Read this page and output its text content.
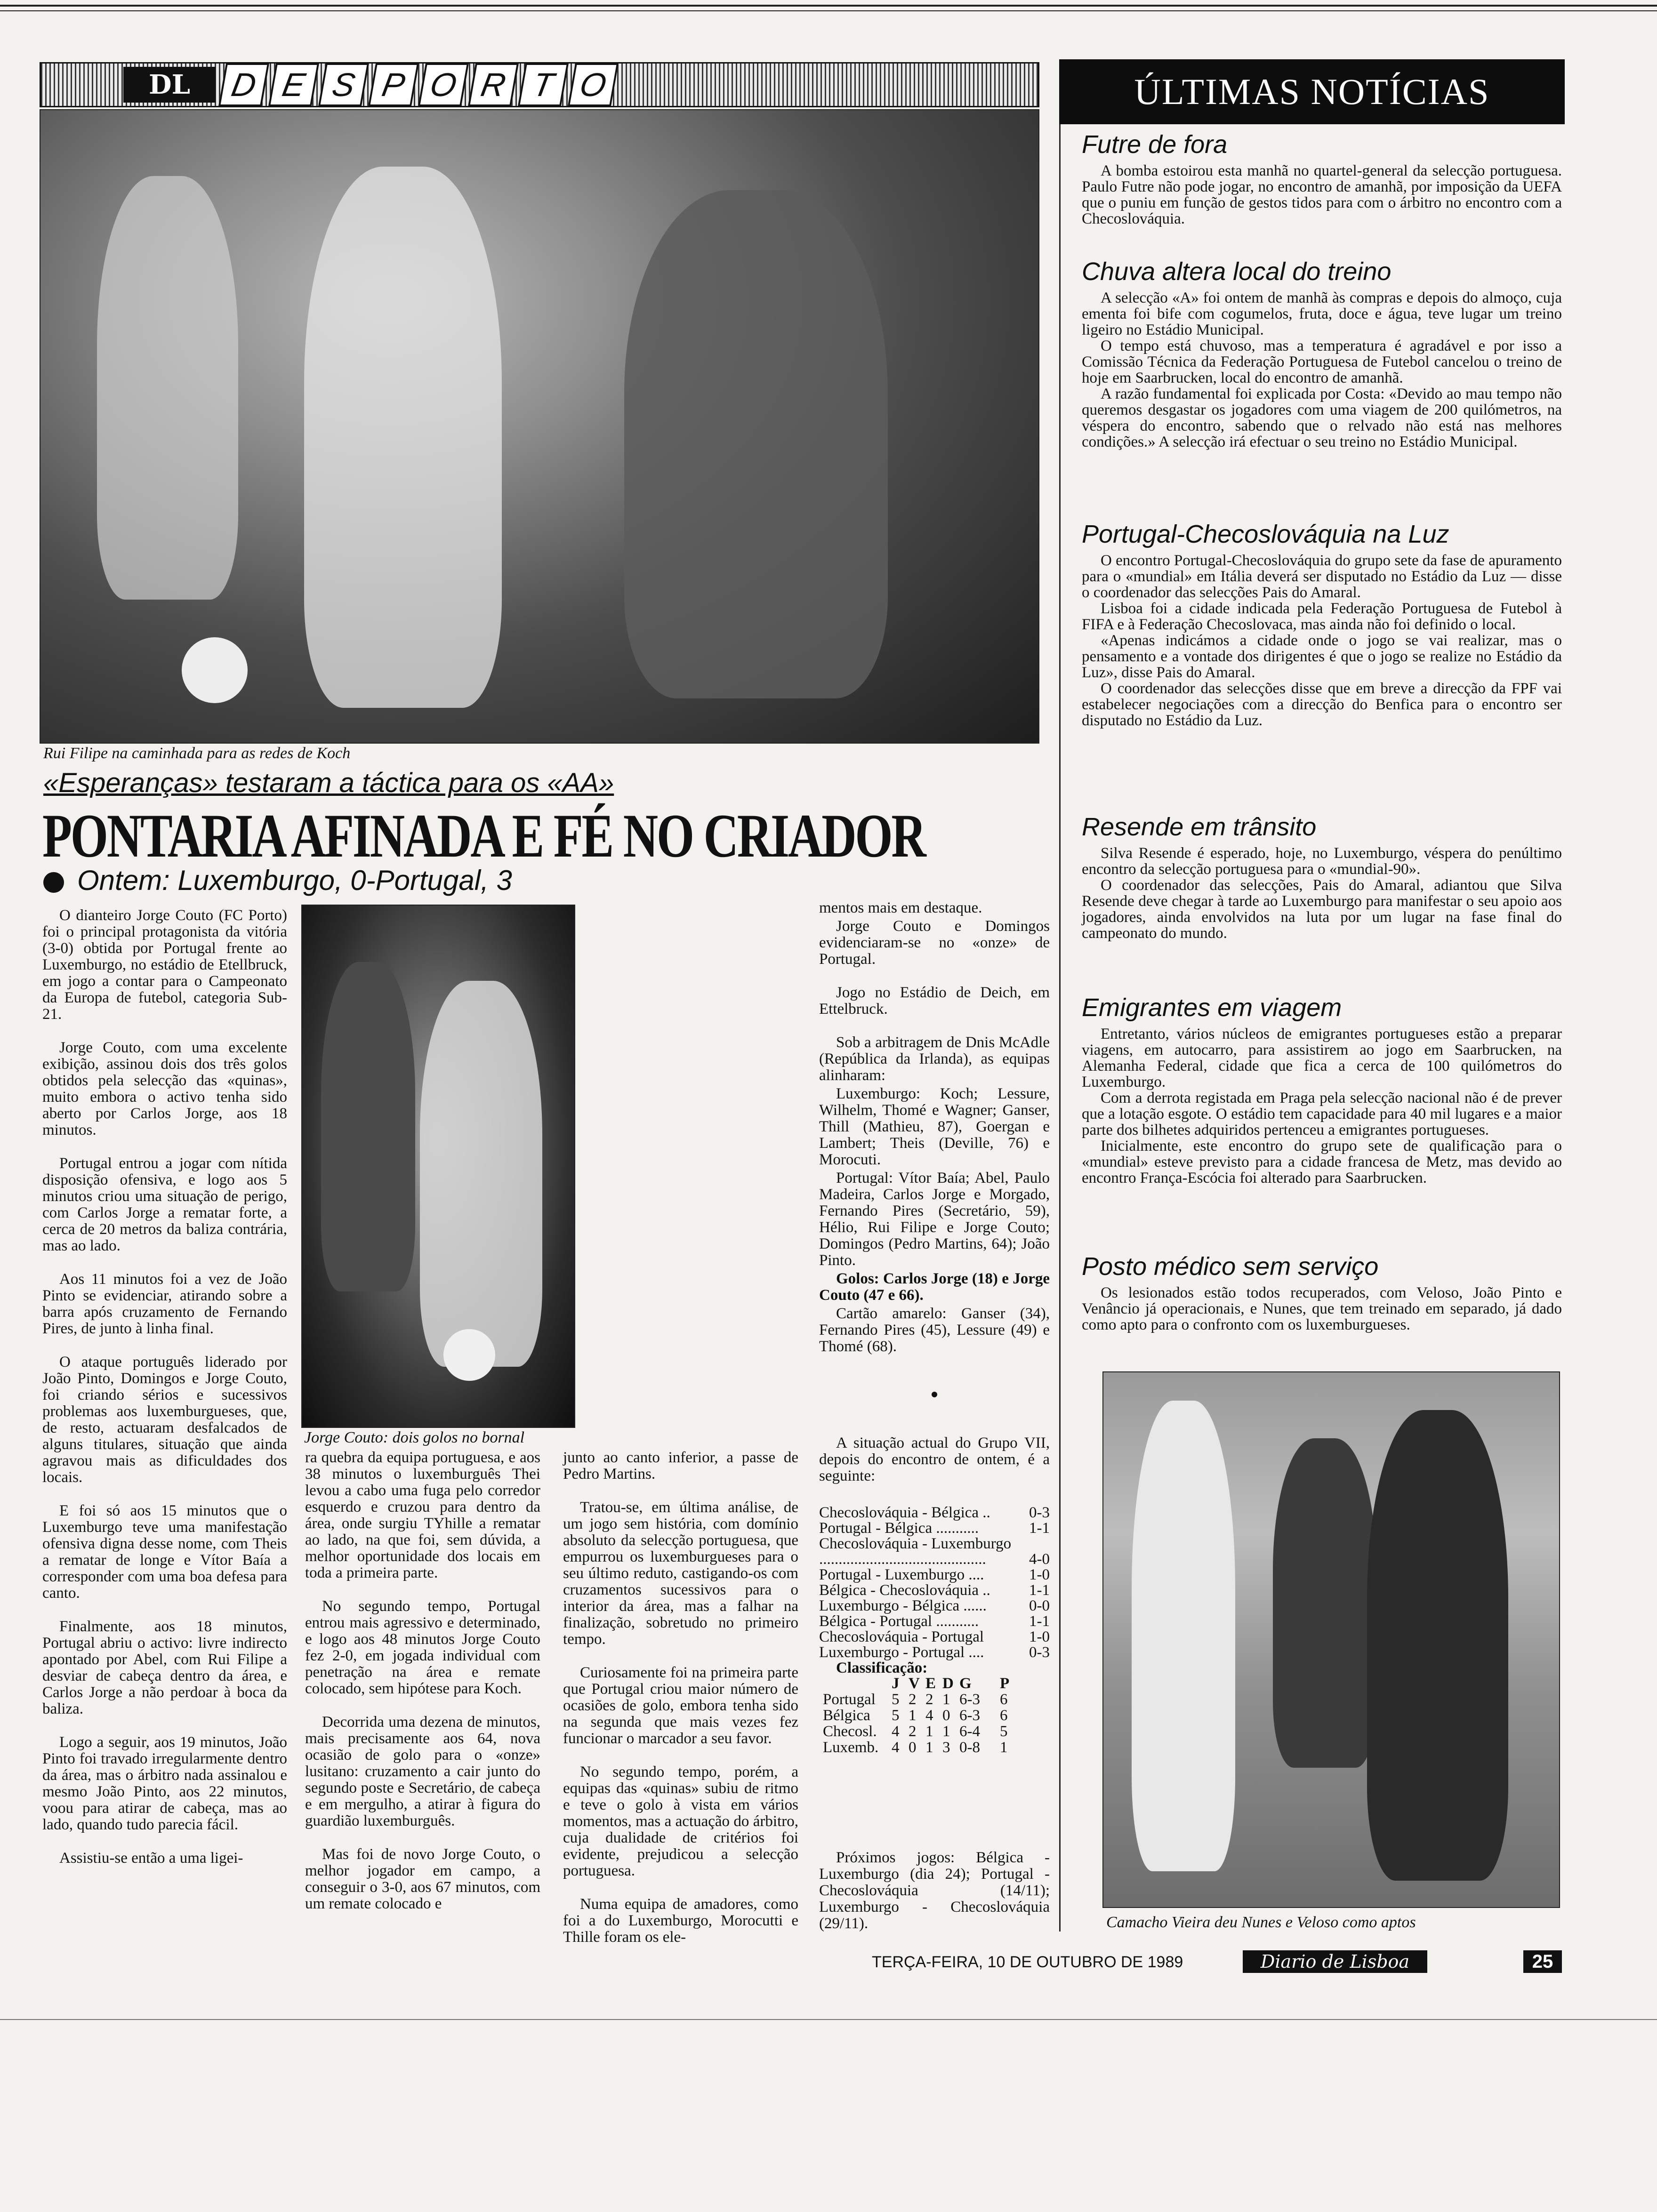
DL	D E S P O R T O	ÚLTIMAS NOTÍCIAS
Rui Filipe na caminhada para as redes de Koch
«Esperanças» testaram a táctica para os «AA»
PONTARIA AFINADA E FÉ NO CRIADOR
Ontem: Luxemburgo, 0-Portugal, 3
Jorge Couto: dois golos no bornal

O dianteiro Jorge Couto (FC Porto) foi o principal protagonista da vitória (3-0) obtida por Portugal frente ao Luxemburgo, no estádio de Etellbruck, em jogo a contar para o Campeonato da Europa de futebol, categoria Sub-21.

Jorge Couto, com uma excelente exibição, assinou dois dos três golos obtidos pela selecção das «quinas», muito embora o activo tenha sido aberto por Carlos Jorge, aos 18 minutos.

Portugal entrou a jogar com nítida disposição ofensiva, e logo aos 5 minutos criou uma situação de perigo, com Carlos Jorge a rematar forte, a cerca de 20 metros da baliza contrária, mas ao lado.

Aos 11 minutos foi a vez de João Pinto se evidenciar, atirando sobre a barra após cruzamento de Fernando Pires, de junto à linha final.

O ataque português liderado por João Pinto, Domingos e Jorge Couto, foi criando sérios e sucessivos problemas aos luxemburgueses, que, de resto, actuaram desfalcados de alguns titulares, situação que ainda agravou mais as dificuldades dos locais.

E foi só aos 15 minutos que o Luxemburgo teve uma manifestação ofensiva digna desse nome, com Theis a rematar de longe e Vítor Baía a corresponder com uma boa defesa para canto.

Finalmente, aos 18 minutos, Portugal abriu o activo: livre indirecto apontado por Abel, com Rui Filipe a desviar de cabeça dentro da área, e Carlos Jorge a não perdoar à boca da baliza.

Logo a seguir, aos 19 minutos, João Pinto foi travado irregularmente dentro da área, mas o árbitro nada assinalou e mesmo João Pinto, aos 22 minutos, voou para atirar de cabeça, mas ao lado, quando tudo parecia fácil.

Assistiu-se então a uma ligei-

ra quebra da equipa portuguesa, e aos 38 minutos o luxemburguês Thei levou a cabo uma fuga pelo corredor esquerdo e cruzou para dentro da área, onde surgiu TYhille a rematar ao lado, na que foi, sem dúvida, a melhor oportunidade dos locais em toda a primeira parte.

No segundo tempo, Portugal entrou mais agressivo e determinado, e logo aos 48 minutos Jorge Couto fez 2-0, em jogada individual com penetração na área e remate colocado, sem hipótese para Koch.

Decorrida uma dezena de minutos, mais precisamente aos 64, nova ocasião de golo para o «onze» lusitano: cruzamento a cair junto do segundo poste e Secretário, de cabeça e em mergulho, a atirar à figura do guardião luxemburguês.

Mas foi de novo Jorge Couto, o melhor jogador em campo, a conseguir o 3-0, aos 67 minutos, com um remate colocado e

junto ao canto inferior, a passe de Pedro Martins.

Tratou-se, em última análise, de um jogo sem história, com domínio absoluto da selecção portuguesa, que empurrou os luxemburgueses para o seu último reduto, castigando-os com cruzamentos sucessivos para o interior da área, mas a falhar na finalização, sobretudo no primeiro tempo.

Curiosamente foi na primeira parte que Portugal criou maior número de ocasiões de golo, embora tenha sido na segunda que mais vezes fez funcionar o marcador a seu favor.

No segundo tempo, porém, a equipas das «quinas» subiu de ritmo e teve o golo à vista em vários momentos, mas a actuação do árbitro, cuja dualidade de critérios foi evidente, prejudicou a selecção portuguesa.

Numa equipa de amadores, como foi a do Luxemburgo, Morocutti e Thille foram os ele-

mentos mais em destaque.

Jorge Couto e Domingos evidenciaram-se no «onze» de Portugal.

Jogo no Estádio de Deich, em Ettelbruck.

Sob a arbitragem de Dnis McAdle (República da Irlanda), as equipas alinharam:

Luxemburgo: Koch; Lessure, Wilhelm, Thomé e Wagner; Ganser, Thill (Mathieu, 87), Goergan e Lambert; Theis (Deville, 76) e Morocuti.

Portugal: Vítor Baía; Abel, Paulo Madeira, Carlos Jorge e Morgado, Fernando Pires (Secretário, 59), Hélio, Rui Filipe e Jorge Couto; Domingos (Pedro Martins, 64); João Pinto.

Golos: Carlos Jorge (18) e Jorge Couto (47 e 66).

Cartão amarelo: Ganser (34), Fernando Pires (45), Lessure (49) e Thomé (68).

A situação actual do Grupo VII, depois do encontro de ontem, é a seguinte:

Checoslováquia - Bélgica .. 0-3
Portugal - Bélgica ...........	1-1
Checoslováquia - Luxemburgo
...........................................	4-0
Portugal - Luxemburgo ....	1-0
Bélgica - Checoslováquia .. 1-1
Luxemburgo - Bélgica ......	0-0
Bélgica - Portugal ...........	1-1
Checoslováquia - Portugal	1-0
Luxemburgo - Portugal ....	0-3
Classificação:
	J	V	E	D	G	P
Portugal	5	2	2	1	6-3	6
Bélgica	5	1	4	0	6-3	6
Checosl.	4	2	1	1	6-4	5
Luxemb.	4	0	1	3	0-8	1

Próximos jogos: Bélgica - Luxemburgo (dia 24); Portugal - Checoslováquia (14/11); Luxemburgo - Checoslováquia (29/11).

Futre de fora

A bomba estoirou esta manhã no quartel-general da selecção portuguesa. Paulo Futre não pode jogar, no encontro de amanhã, por imposição da UEFA que o puniu em função de gestos tidos para com o árbitro no encontro com a Checoslováquia.

Chuva altera local do treino

A selecção «A» foi ontem de manhã às compras e depois do almoço, cuja ementa foi bife com cogumelos, fruta, doce e água, teve lugar um treino ligeiro no Estádio Municipal.

O tempo está chuvoso, mas a temperatura é agradável e por isso a Comissão Técnica da Federação Portuguesa de Futebol cancelou o treino de hoje em Saarbrucken, local do encontro de amanhã.

A razão fundamental foi explicada por Costa: «Devido ao mau tempo não queremos desgastar os jogadores com uma viagem de 200 quilómetros, na véspera do encontro, sabendo que o relvado não está nas melhores condições.» A selecção irá efectuar o seu treino no Estádio Municipal.

Portugal-Checoslováquia na Luz

O encontro Portugal-Checoslováquia do grupo sete da fase de apuramento para o «mundial» em Itália deverá ser disputado no Estádio da Luz — disse o coordenador das selecções Pais do Amaral.

Lisboa foi a cidade indicada pela Federação Portuguesa de Futebol à FIFA e à Federação Checoslovaca, mas ainda não foi definido o local.

«Apenas indicámos a cidade onde o jogo se vai realizar, mas o pensamento e a vontade dos dirigentes é que o jogo se realize no Estádio da Luz», disse Pais do Amaral.

O coordenador das selecções disse que em breve a direcção da FPF vai estabelecer negociações com a direcção do Benfica para o encontro ser disputado no Estádio da Luz.

Resende em trânsito

Silva Resende é esperado, hoje, no Luxemburgo, véspera do penúltimo encontro da selecção portuguesa para o «mundial-90».

O coordenador das selecções, Pais do Amaral, adiantou que Silva Resende deve chegar à tarde ao Luxemburgo para manifestar o seu apoio aos jogadores, ainda envolvidos na luta por um lugar na fase final do campeonato do mundo.

Emigrantes em viagem

Entretanto, vários núcleos de emigrantes portugueses estão a preparar viagens, em autocarro, para assistirem ao jogo em Saarbrucken, na Alemanha Federal, cidade que fica a cerca de 100 quilómetros do Luxemburgo.

Com a derrota registada em Praga pela selecção nacional não é de prever que a lotação esgote. O estádio tem capacidade para 40 mil lugares e a maior parte dos bilhetes adquiridos pertenceu a emigrantes portugueses.

Inicialmente, este encontro do grupo sete de qualificação para o «mundial» esteve previsto para a cidade francesa de Metz, mas devido ao encontro França-Escócia foi alterado para Saarbrucken.

Posto médico sem serviço

Os lesionados estão todos recuperados, com Veloso, João Pinto e Venâncio já operacionais, e Nunes, que tem treinado em separado, já dado como apto para o confronto com os luxemburgueses.

Camacho Vieira deu Nunes e Veloso como aptos
TERÇA-FEIRA, 10 DE OUTUBRO DE 1989	Diario de Lisboa	25
